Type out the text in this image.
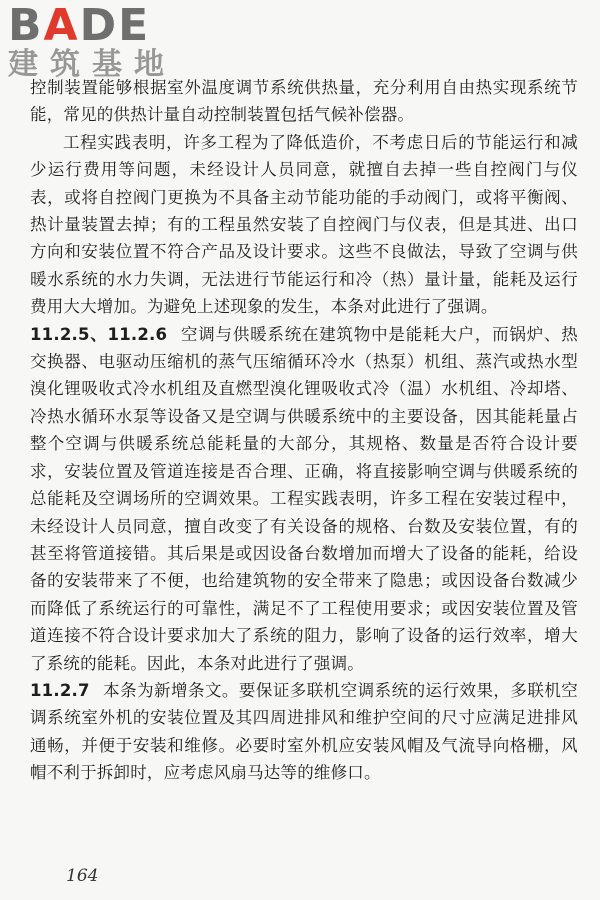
BADE
建筑基地

控制装置能够根据室外温度调节系统供热量，充分利用自由热实现系统节能，常见的供热计量自动控制装置包括气候补偿器。

工程实践表明，许多工程为了降低造价，不考虑日后的节能运行和减少运行费用等问题，未经设计人员同意，就擅自去掉一些自控阀门与仪表，或将自控阀门更换为不具备主动节能功能的手动阀门，或将平衡阀、热计量装置去掉；有的工程虽然安装了自控阀门与仪表，但是其进、出口方向和安装位置不符合产品及设计要求。这些不良做法，导致了空调与供暖水系统的水力失调，无法进行节能运行和冷（热）量计量，能耗及运行费用大大增加。为避免上述现象的发生，本条对此进行了强调。

11.2.5、11.2.6 空调与供暖系统在建筑物中是能耗大户，而锅炉、热交换器、电驱动压缩机的蒸气压缩循环冷水（热泵）机组、蒸汽或热水型溴化锂吸收式冷水机组及直燃型溴化锂吸收式冷（温）水机组、冷却塔、冷热水循环水泵等设备又是空调与供暖系统中的主要设备，因其能耗量占整个空调与供暖系统总能耗量的大部分，其规格、数量是否符合设计要求，安装位置及管道连接是否合理、正确，将直接影响空调与供暖系统的总能耗及空调场所的空调效果。工程实践表明，许多工程在安装过程中，未经设计人员同意，擅自改变了有关设备的规格、台数及安装位置，有的甚至将管道接错。其后果是或因设备台数增加而增大了设备的能耗，给设备的安装带来了不便，也给建筑物的安全带来了隐患；或因设备台数减少而降低了系统运行的可靠性，满足不了工程使用要求；或因安装位置及管道连接不符合设计要求加大了系统的阻力，影响了设备的运行效率，增大了系统的能耗。因此，本条对此进行了强调。

11.2.7 本条为新增条文。要保证多联机空调系统的运行效果，多联机空调系统室外机的安装位置及其四周进排风和维护空间的尺寸应满足进排风通畅，并便于安装和维修。必要时室外机应安装风帽及气流导向格栅，风帽不利于拆卸时，应考虑风扇马达等的维修口。

164
